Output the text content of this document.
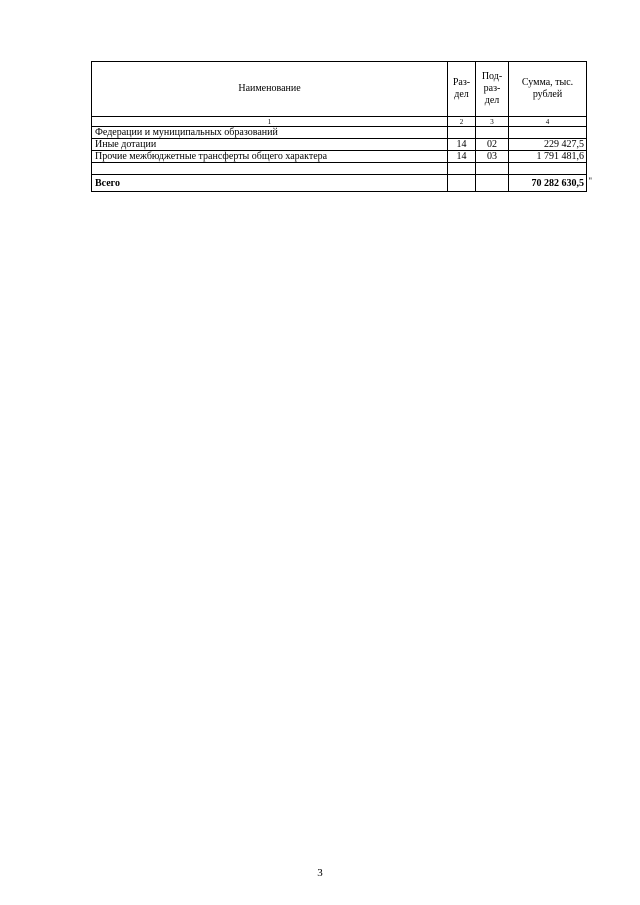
Наименование	Раз-дел	Под-раз-дел	Сумма, тыс. рублей
1	2	3	4
Федерации и муниципальных образований			
Иные дотации	14	02	229 427,5
Прочие межбюджетные трансферты общего характера	14	03	1 791 481,6

Всего			70 282 630,5 "
3
